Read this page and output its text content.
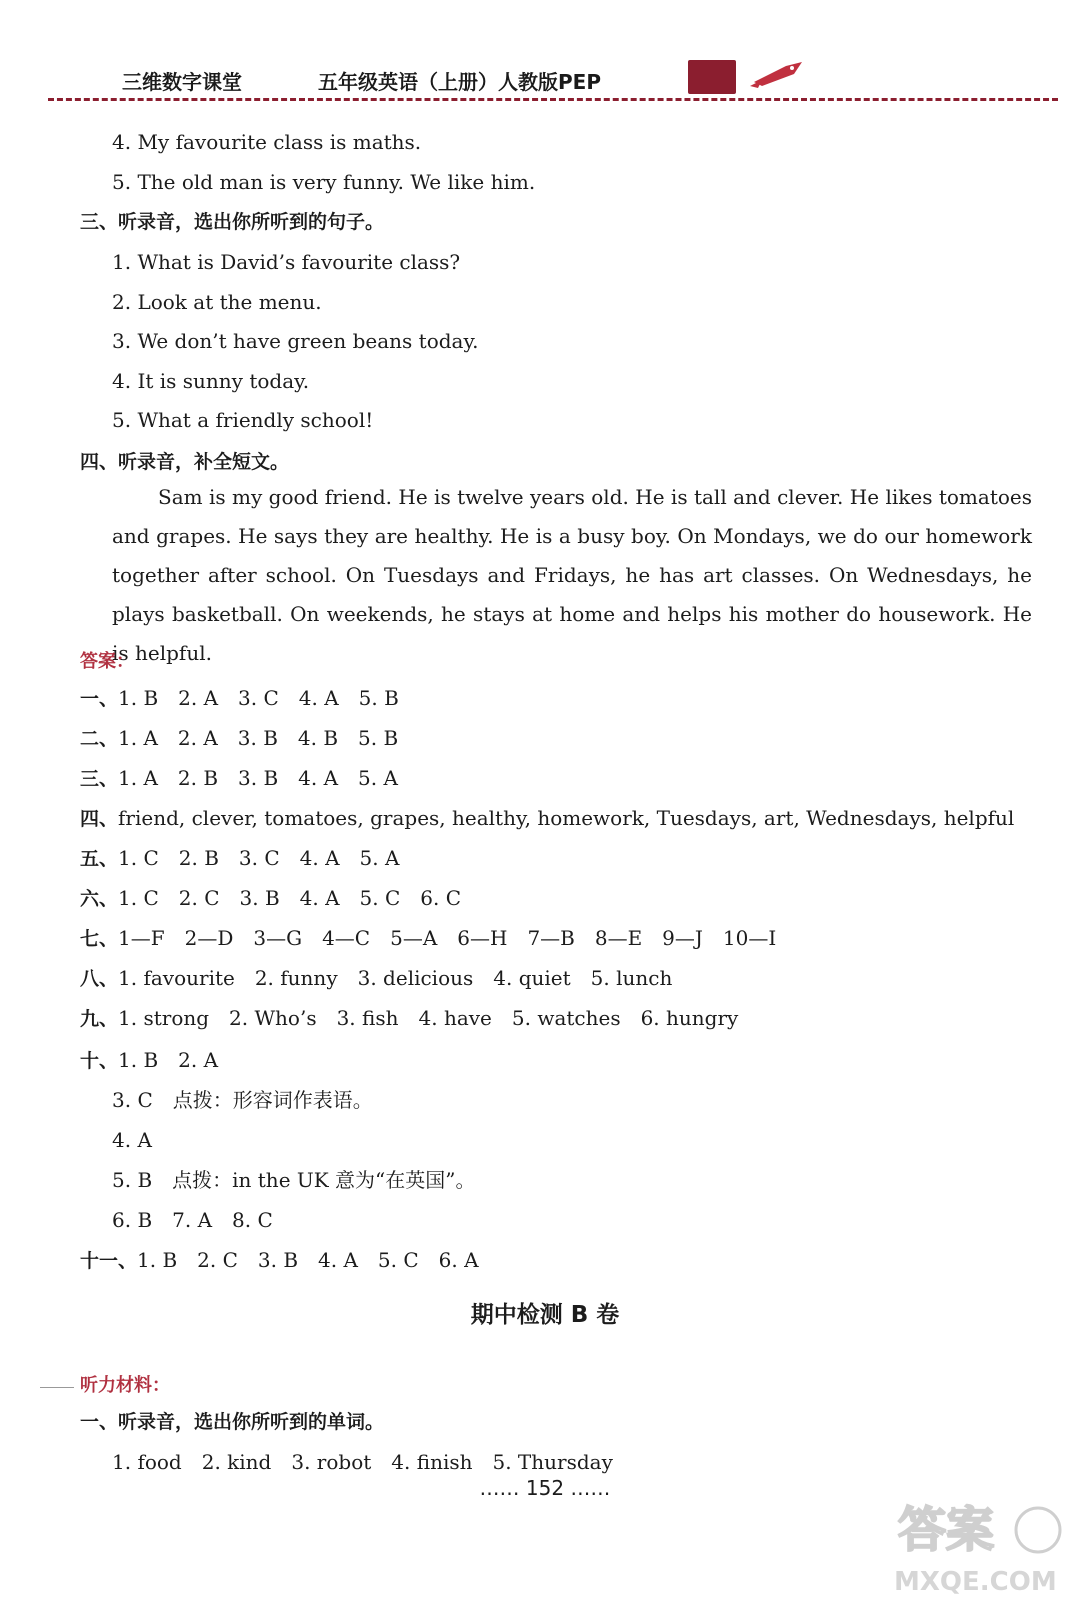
三维数字课堂	五年级英语（上册）人教版PEP
4. My favourite class is maths.
5. The old man is very funny. We like him.
三、听录音，选出你所听到的句子。
1. What is David’s favourite class?
2. Look at the menu.
3. We don’t have green beans today.
4. It is sunny today.
5. What a friendly school!
四、听录音，补全短文。
Sam is my good friend. He is twelve years old. He is tall and clever. He likes tomatoes and grapes. He says they are healthy. He is a busy boy. On Mondays, we do our homework together after school. On Tuesdays and Fridays, he has art classes. On Wednesdays, he plays basketball. On weekends, he stays at home and helps his mother do housework. He is helpful.
答案：
一、1. B　2. A　3. C　4. A　5. B
二、1. A　2. A　3. B　4. B　5. B
三、1. A　2. B　3. B　4. A　5. A
四、friend, clever, tomatoes, grapes, healthy, homework, Tuesdays, art, Wednesdays, helpful
五、1. C　2. B　3. C　4. A　5. A
六、1. C　2. C　3. B　4. A　5. C　6. C
七、1—F　2—D　3—G　4—C　5—A　6—H　7—B　8—E　9—J　10—I
八、1. favourite　2. funny　3. delicious　4. quiet　5. lunch
九、1. strong　2. Who’s　3. fish　4. have　5. watches　6. hungry
十、1. B　2. A
3. C　点拨：形容词作表语。
4. A
5. B　点拨：in the UK 意为“在英国”。
6. B　7. A　8. C
十一、1. B　2. C　3. B　4. A　5. C　6. A
期中检测 B 卷
听力材料：
一、听录音，选出你所听到的单词。
1. food　2. kind　3. robot　4. finish　5. Thursday
…… 152 ……
答案
MXQE.COM
